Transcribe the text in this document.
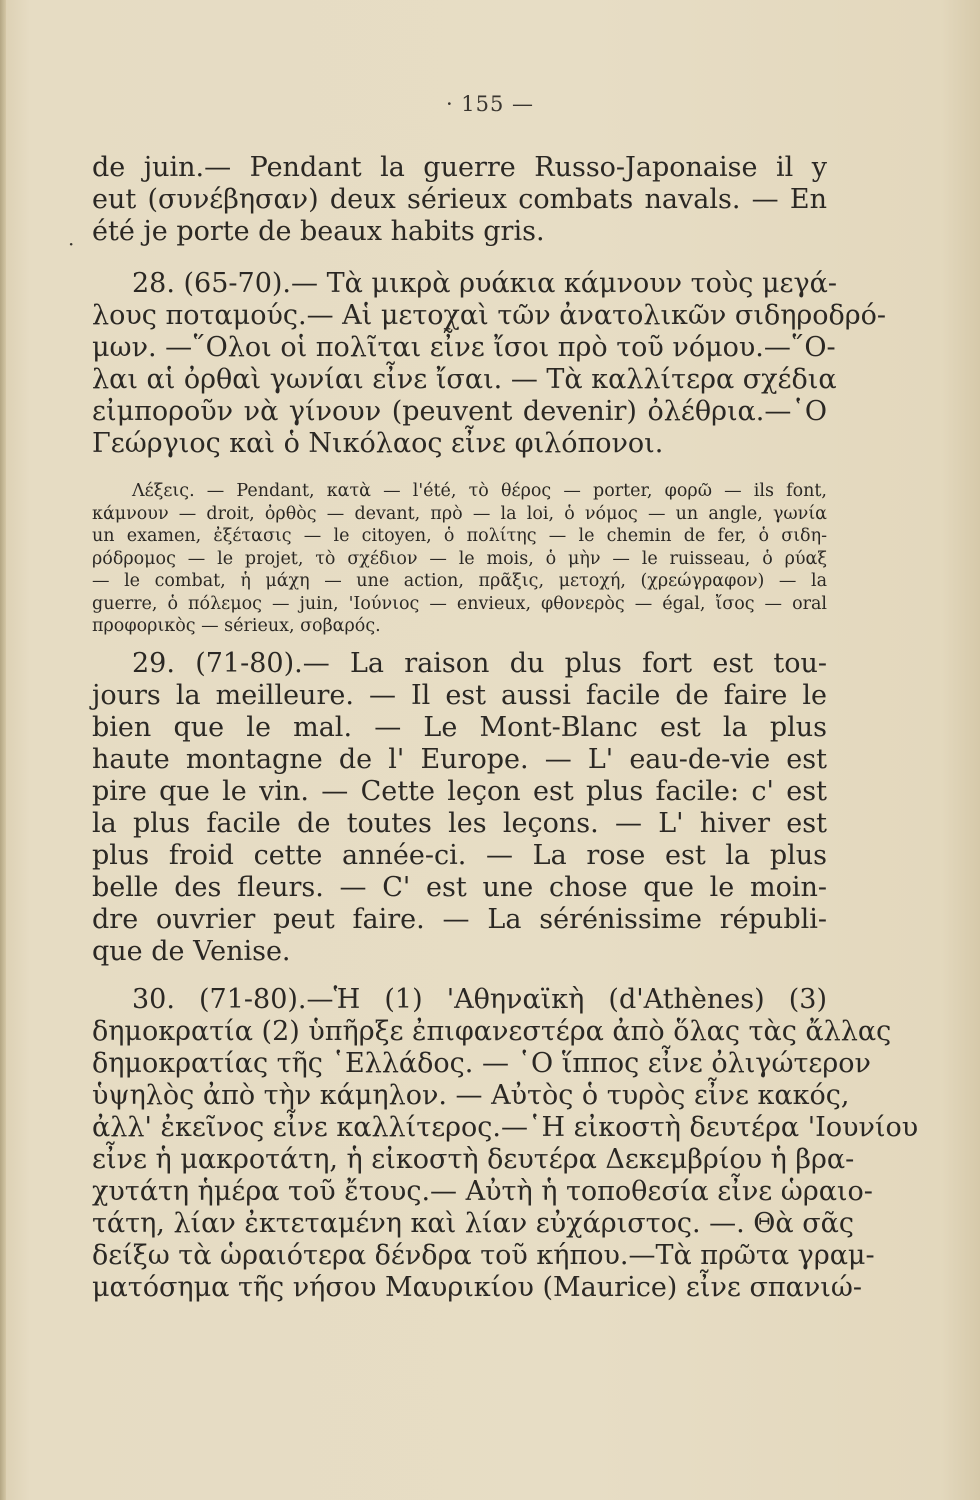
· 155 —
·
de juin.— Pendant la guerre Russo-Japonaise il y
eut (συνέβησαν) deux sérieux combats navals. — En
été je porte de beaux habits gris.
28. (65-70).— Τὰ μικρὰ ρυάκια κάμνουν τοὺς μεγά-
λους ποταμούς.— Αἱ μετοχαὶ τῶν ἀνατολικῶν σιδηροδρό-
μων. —῞Ολοι οἱ πολῖται εἶνε ἴσοι πρὸ τοῦ νόμου.—῞Ο-
λαι αἱ ὀρθαὶ γωνίαι εἶνε ἴσαι. — Τὰ καλλίτερα σχέδια
εἰμπορoῦν νὰ γίνουν (peuvent devenir) ὀλέθρια.—῾Ο
Γεώργιος καὶ ὁ Νικόλαος εἶνε φιλόπονοι.
Λέξεις. — Pendant, κατὰ — l'été, τὸ θέρος — porter, φορῶ — ils font,
κάμνουν — droit, ὀρθὸς — devant, πρὸ — la loi, ὁ νόμος — un angle, γωνία
un examen, ἐξέτασις — le citoyen, ὁ πολίτης — le chemin de fer, ὁ σιδη-
ρόδρομος — le projet, τὸ σχέδιον — le mois, ὁ μὴν — le ruisseau, ὁ ρύαξ
— le combat, ἡ μάχη — une action, πρᾶξις, μετοχή, (χρεώγραφον) — la
guerre, ὁ πόλεμος — juin, 'Ιούνιος — envieux, φθονερὸς — égal, ἴσος — oral
προφορικὸς — sérieux, σοβαρός.
29. (71-80).— La raison du plus fort est tou-
jours la meilleure. — Il est aussi facile de faire le
bien que le mal. — Le Mont-Blanc est la plus
haute montagne de l' Europe. — L' eau-de-vie est
pire que le vin. — Cette leçon est plus facile: c' est
la plus facile de toutes les leçons. — L' hiver est
plus froid cette année-ci. — La rose est la plus
belle des fleurs. — C' est une chose que le moin-
dre ouvrier peut faire. — La sérénissime républi-
que de Venise.
30. (71-80).—Ἡ (1) 'Αθηναϊκὴ (d'Athènes) (3)
δημοκρατία (2) ὑπῆρξε ἐπιφανεστέρα ἀπὸ ὅλας τὰς ἄλλας
δημοκρατίας τῆς ῾Ελλάδος. — ῾Ο ἵππος εἶνε ὀλιγώτερον
ὑψηλὸς ἀπὸ τὴν κάμηλον. — Αὐτὸς ὁ τυρὸς εἶνε κακός,
ἀλλ' ἐκεῖνος εἶνε καλλίτερος.—῾Η εἰκοστὴ δευτέρα 'Ιουνίου
εἶνε ἡ μακροτάτη, ἡ εἰκοστὴ δευτέρα Δεκεμβρίου ἡ βρα-
χυτάτη ἡμέρα τοῦ ἔτους.— Αὐτὴ ἡ τοποθεσία εἶνε ὡραιο-
τάτη, λίαν ἐκτεταμένη καὶ λίαν εὐχάριστος. —. Θὰ σᾶς
δείξω τὰ ὡραιότερα δένδρα τοῦ κήπου.—Τὰ πρῶτα γραμ-
ματόσημα τῆς νήσου Μαυρικίου (Maurice) εἶνε σπανιώ-
